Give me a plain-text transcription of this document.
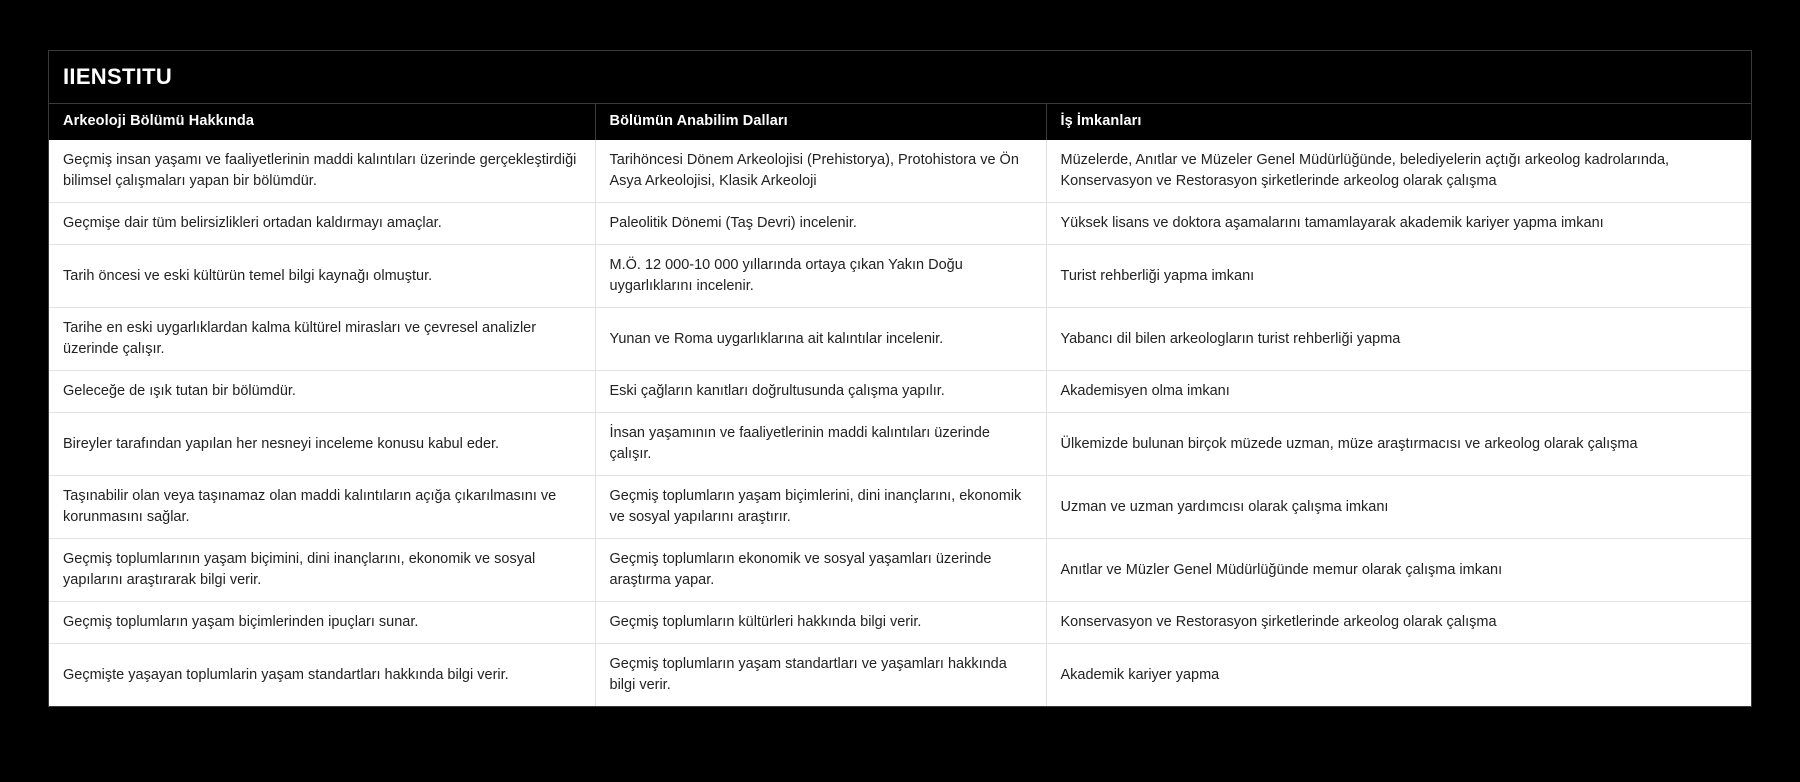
IIENSTITU
Arkeoloji Bölümü Hakkında	Bölümün Anabilim Dalları	İş İmkanları
Geçmiş insan yaşamı ve faaliyetlerinin maddi kalıntıları üzerinde gerçekleştirdiği bilimsel çalışmaları yapan bir bölümdür.	Tarihöncesi Dönem Arkeolojisi (Prehistorya), Protohistora ve Ön Asya Arkeolojisi, Klasik Arkeoloji	Müzelerde, Anıtlar ve Müzeler Genel Müdürlüğünde, belediyelerin açtığı arkeolog kadrolarında, Konservasyon ve Restorasyon şirketlerinde arkeolog olarak çalışma
Geçmişe dair tüm belirsizlikleri ortadan kaldırmayı amaçlar.	Paleolitik Dönemi (Taş Devri) incelenir.	Yüksek lisans ve doktora aşamalarını tamamlayarak akademik kariyer yapma imkanı
Tarih öncesi ve eski kültürün temel bilgi kaynağı olmuştur.	M.Ö. 12 000-10 000 yıllarında ortaya çıkan Yakın Doğu uygarlıklarını incelenir.	Turist rehberliği yapma imkanı
Tarihe en eski uygarlıklardan kalma kültürel mirasları ve çevresel analizler üzerinde çalışır.	Yunan ve Roma uygarlıklarına ait kalıntılar incelenir.	Yabancı dil bilen arkeologların turist rehberliği yapma
Geleceğe de ışık tutan bir bölümdür.	Eski çağların kanıtları doğrultusunda çalışma yapılır.	Akademisyen olma imkanı
Bireyler tarafından yapılan her nesneyi inceleme konusu kabul eder.	İnsan yaşamının ve faaliyetlerinin maddi kalıntıları üzerinde çalışır.	Ülkemizde bulunan birçok müzede uzman, müze araştırmacısı ve arkeolog olarak çalışma
Taşınabilir olan veya taşınamaz olan maddi kalıntıların açığa çıkarılmasını ve korunmasını sağlar.	Geçmiş toplumların yaşam biçimlerini, dini inançlarını, ekonomik ve sosyal yapılarını araştırır.	Uzman ve uzman yardımcısı olarak çalışma imkanı
Geçmiş toplumlarının yaşam biçimini, dini inançlarını, ekonomik ve sosyal yapılarını araştırarak bilgi verir.	Geçmiş toplumların ekonomik ve sosyal yaşamları üzerinde araştırma yapar.	Anıtlar ve Müzler Genel Müdürlüğünde memur olarak çalışma imkanı
Geçmiş toplumların yaşam biçimlerinden ipuçları sunar.	Geçmiş toplumların kültürleri hakkında bilgi verir.	Konservasyon ve Restorasyon şirketlerinde arkeolog olarak çalışma
Geçmişte yaşayan toplumlarin yaşam standartları hakkında bilgi verir.	Geçmiş toplumların yaşam standartları ve yaşamları hakkında bilgi verir.	Akademik kariyer yapma
